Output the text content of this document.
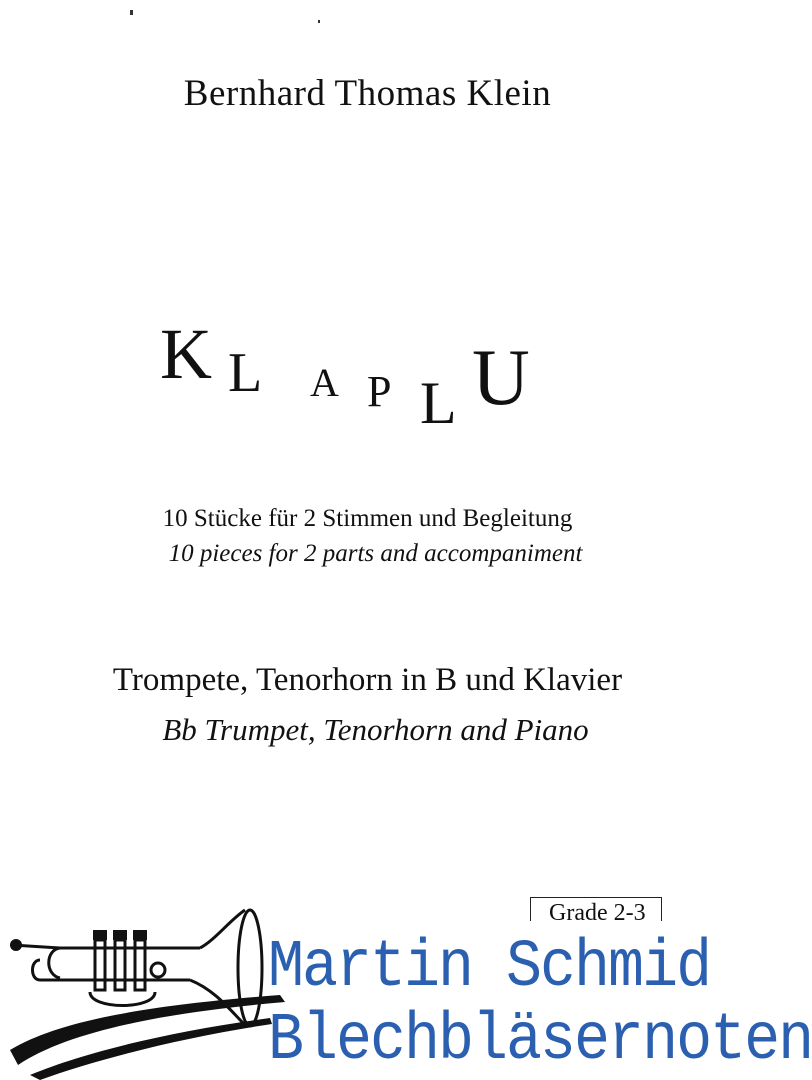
Bernhard Thomas Klein
K L A P L U
10 Stücke für 2 Stimmen und Begleitung
10 pieces for 2 parts and accompaniment
Trompete, Tenorhorn in B und Klavier
Bb Trumpet, Tenorhorn and Piano
Grade 2-3
Martin Schmid
Blechbläsernoten
